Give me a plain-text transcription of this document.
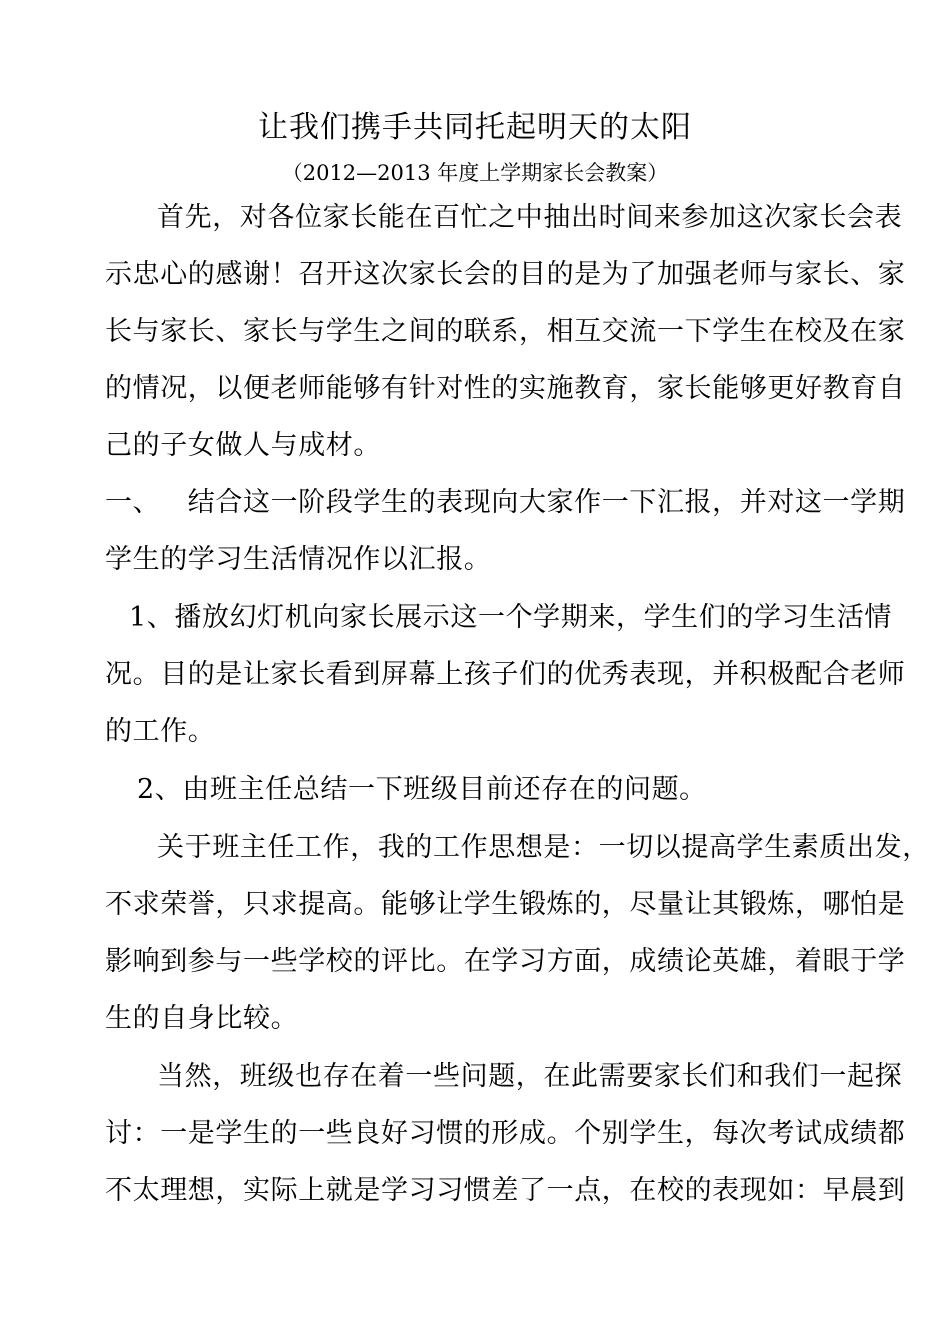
让我们携手共同托起明天的太阳
（2012—2013 年度上学期家长会教案）
首先，对各位家长能在百忙之中抽出时间来参加这次家长会表
示忠心的感谢！召开这次家长会的目的是为了加强老师与家长、家
长与家长、家长与学生之间的联系，相互交流一下学生在校及在家
的情况，以便老师能够有针对性的实施教育，家长能够更好教育自
己的子女做人与成材。
一、   结合这一阶段学生的表现向大家作一下汇报，并对这一学期
学生的学习生活情况作以汇报。
1、播放幻灯机向家长展示这一个学期来，学生们的学习生活情
况。目的是让家长看到屏幕上孩子们的优秀表现，并积极配合老师
的工作。
2、由班主任总结一下班级目前还存在的问题。
关于班主任工作，我的工作思想是：一切以提高学生素质出发，
不求荣誉，只求提高。能够让学生锻炼的，尽量让其锻炼，哪怕是
影响到参与一些学校的评比。在学习方面，成绩论英雄，着眼于学
生的自身比较。
当然，班级也存在着一些问题，在此需要家长们和我们一起探
讨：一是学生的一些良好习惯的形成。个别学生，每次考试成绩都
不太理想，实际上就是学习习惯差了一点，在校的表现如：早晨到
